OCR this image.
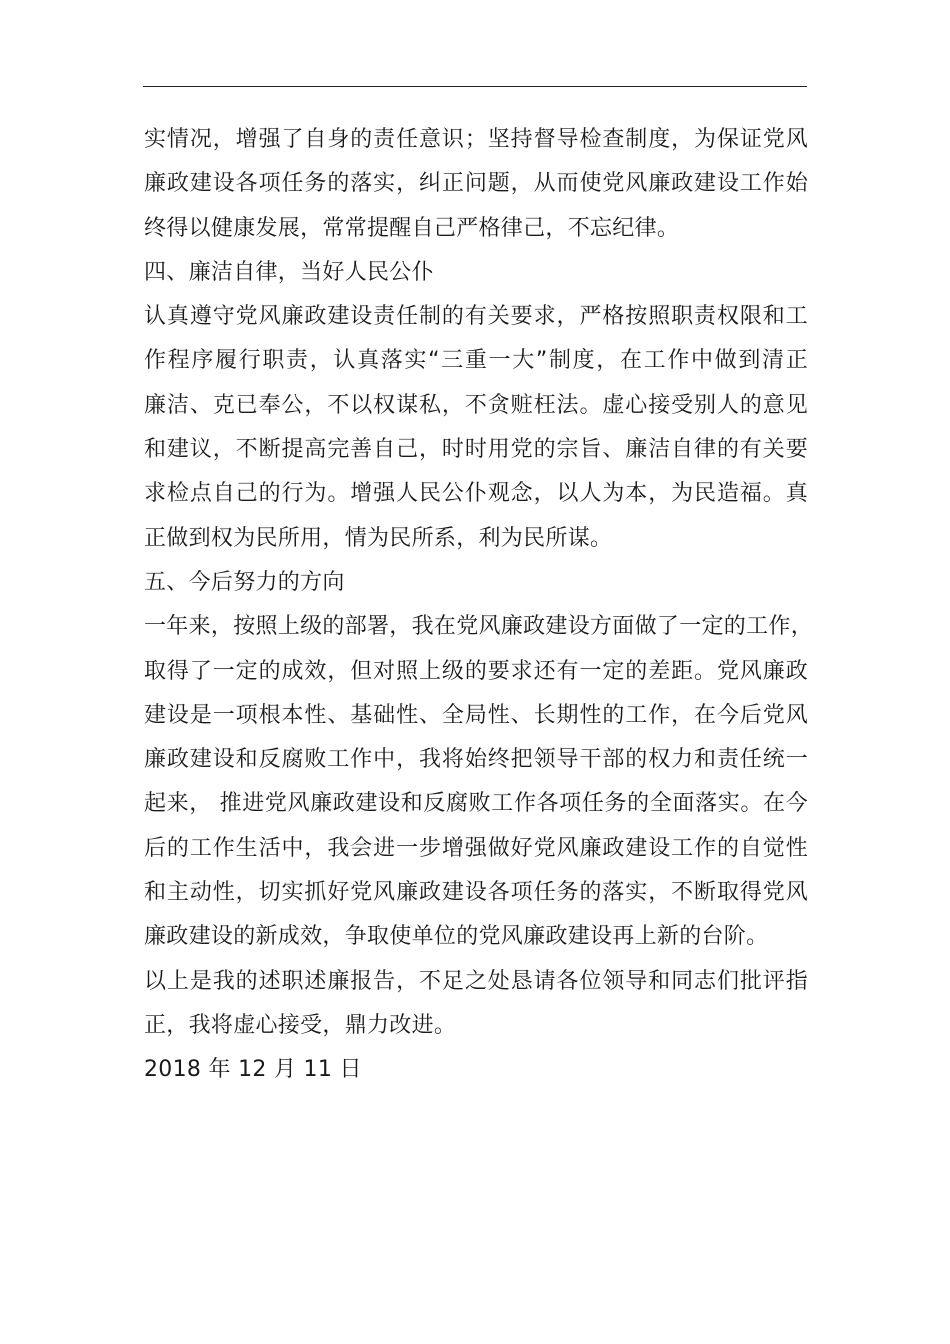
实情况，增强了自身的责任意识；坚持督导检查制度，为保证党风
廉政建设各项任务的落实，纠正问题，从而使党风廉政建设工作始
终得以健康发展，常常提醒自己严格律己，不忘纪律。
四、廉洁自律，当好人民公仆
认真遵守党风廉政建设责任制的有关要求，严格按照职责权限和工
作程序履行职责，认真落实“三重一大”制度，在工作中做到清正
廉洁、克已奉公，不以权谋私，不贪赃枉法。虚心接受别人的意见
和建议，不断提高完善自己，时时用党的宗旨、廉洁自律的有关要
求检点自己的行为。增强人民公仆观念，以人为本，为民造福。真
正做到权为民所用，情为民所系，利为民所谋。
五、今后努力的方向
一年来，按照上级的部署，我在党风廉政建设方面做了一定的工作，
取得了一定的成效，但对照上级的要求还有一定的差距。党风廉政
建设是一项根本性、基础性、全局性、长期性的工作，在今后党风
廉政建设和反腐败工作中，我将始终把领导干部的权力和责任统一
起来， 推进党风廉政建设和反腐败工作各项任务的全面落实。在今
后的工作生活中，我会进一步增强做好党风廉政建设工作的自觉性
和主动性，切实抓好党风廉政建设各项任务的落实，不断取得党风
廉政建设的新成效，争取使单位的党风廉政建设再上新的台阶。
以上是我的述职述廉报告，不足之处恳请各位领导和同志们批评指
正，我将虚心接受，鼎力改进。
2018 年 12 月 11 日
